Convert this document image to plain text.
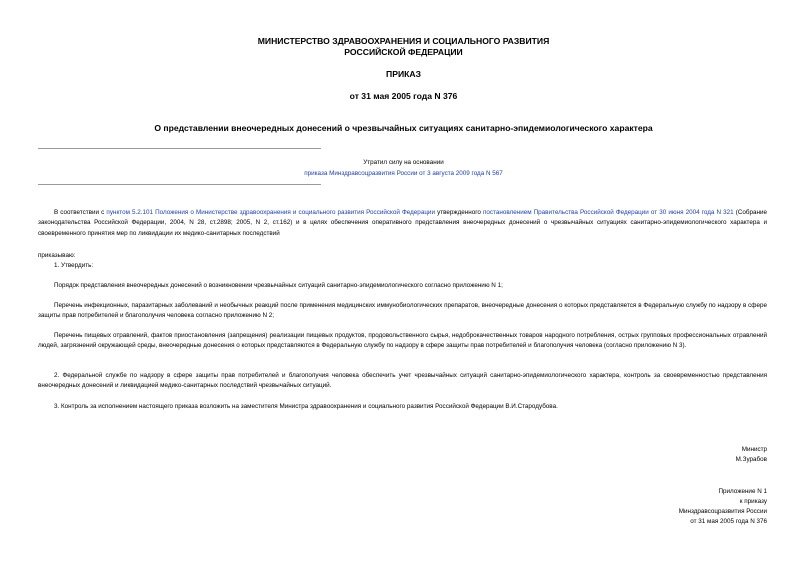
МИНИСТЕРСТВО ЗДРАВООХРАНЕНИЯ И СОЦИАЛЬНОГО РАЗВИТИЯ
РОССИЙСКОЙ ФЕДЕРАЦИИ
ПРИКАЗ
от 31 мая 2005 года N 376
О представлении внеочередных донесений о чрезвычайных ситуациях санитарно-эпидемиологического характера
Утратил силу на основании
приказа Минздравсоцразвития России от 3 августа 2009 года N 567
В соответствии с пунктом 5.2.101 Положения о Министерстве здравоохранения и социального развития Российской Федерации утвержденного постановлением Правительства Российской Федерации от 30 июня 2004 года N 321 (Собрание законодательства Российской Федерации, 2004, N 28, ст.2898; 2005, N 2, ст.162) и в целях обеспечения оперативного представления внеочередных донесений о чрезвычайных ситуациях санитарно-эпидемиологического характера и своевременного принятия мер по ликвидации их медико-санитарных последствий
приказываю:
1. Утвердить:
Порядок представления внеочередных донесений о возникновении чрезвычайных ситуаций санитарно-эпидемиологического согласно приложению N 1;
Перечень инфекционных, паразитарных заболеваний и необычных реакций после применения медицинских иммунобиологических препаратов, внеочередные донесения о которых представляется в Федеральную службу по надзору в сфере защиты прав потребителей и благополучия человека согласно приложению N 2;
Перечень пищевых отравлений, фактов приостановления (запрещения) реализации пищевых продуктов, продовольственного сырья, недоброкачественных товаров народного потребления, острых групповых профессиональных отравлений людей, загрязнений окружающей среды, внеочередные донесения о которых представляются в Федеральную службу по надзору в сфере защиты прав потребителей и благополучия человека (согласно приложению N 3).
2. Федеральной службе по надзору в сфере защиты прав потребителей и благополучия человека обеспечить учет чрезвычайных ситуаций санитарно-эпидемиологического характера, контроль за своевременностью представления внеочередных донесений и ликвидацией медико-санитарных последствий чрезвычайных ситуаций.
3. Контроль за исполнением настоящего приказа возложить на заместителя Министра здравоохранения и социального развития Российской Федерации В.И.Стародубова.
Министр
М.Зурабов
Приложение N 1
к приказу
Минздравсоцразвития России
от 31 мая 2005 года N 376
